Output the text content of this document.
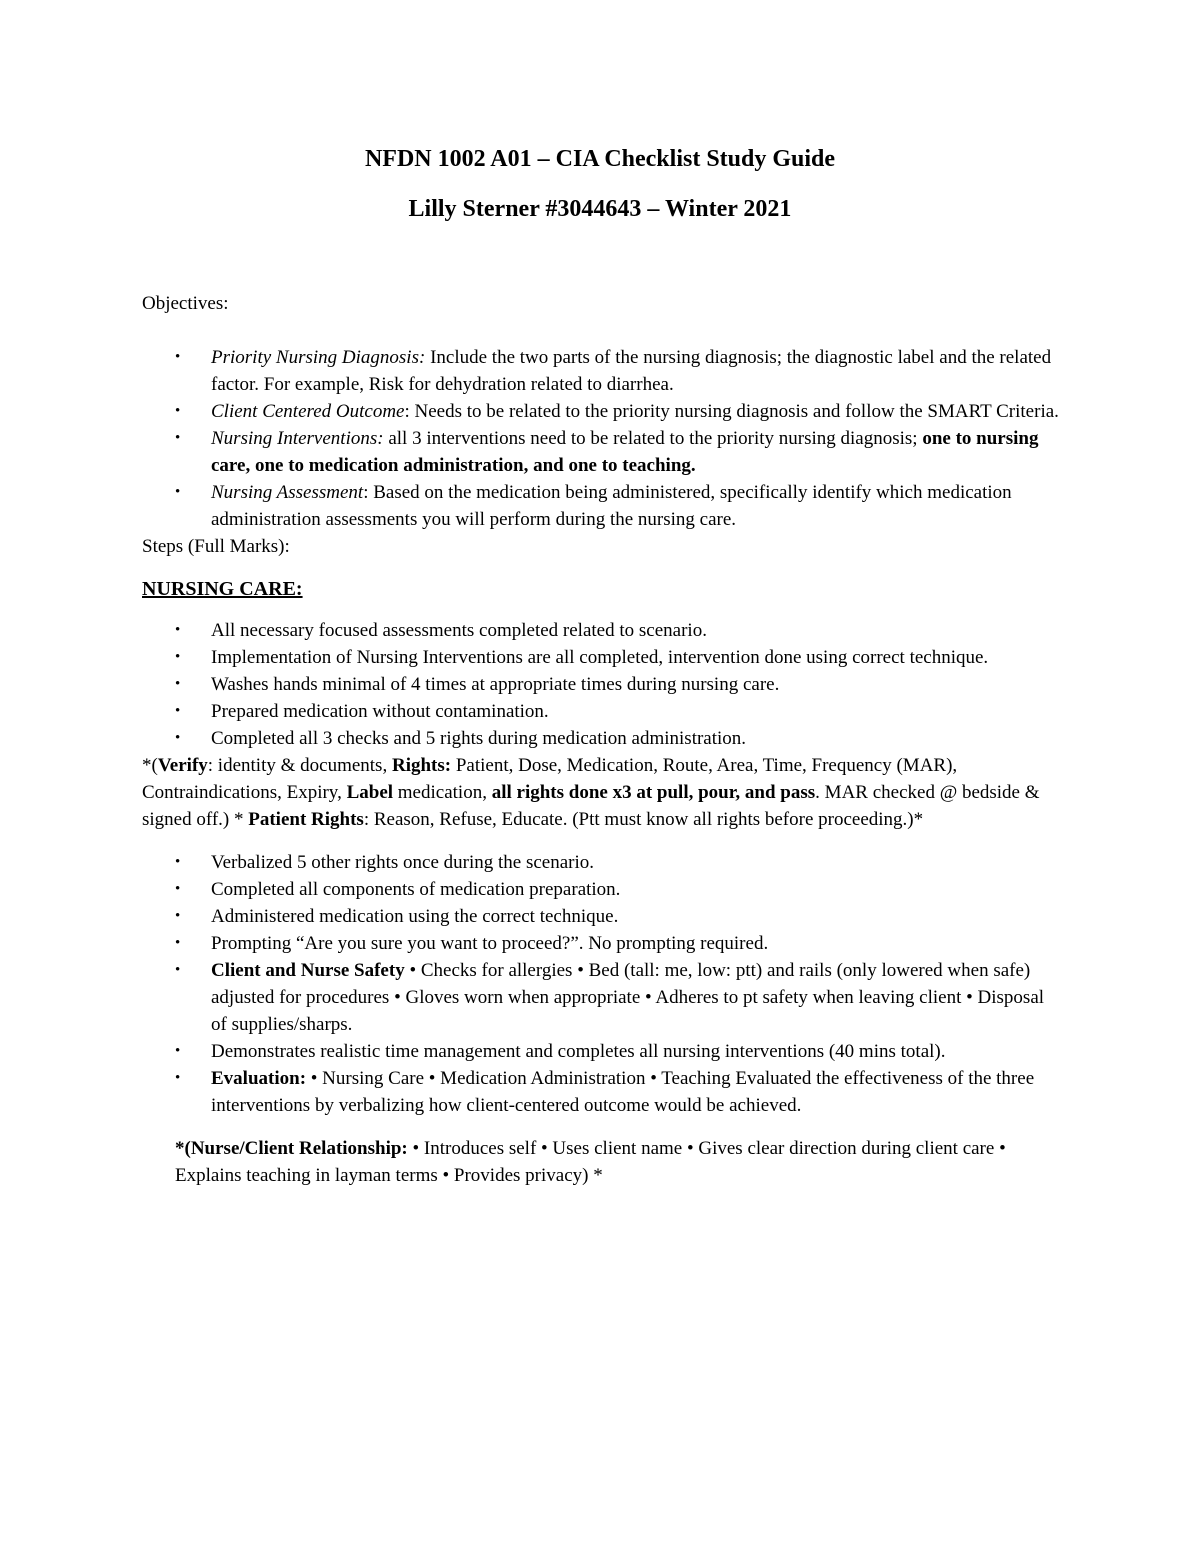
NFDN 1002 A01 – CIA Checklist Study Guide
Lilly Sterner #3044643 – Winter 2021

Objectives:

• Priority Nursing Diagnosis: Include the two parts of the nursing diagnosis; the diagnostic label and the related factor. For example, Risk for dehydration related to diarrhea.
• Client Centered Outcome: Needs to be related to the priority nursing diagnosis and follow the SMART Criteria.
• Nursing Interventions: all 3 interventions need to be related to the priority nursing diagnosis; one to nursing care, one to medication administration, and one to teaching.
• Nursing Assessment: Based on the medication being administered, specifically identify which medication administration assessments you will perform during the nursing care.

Steps (Full Marks):

NURSING CARE:

• All necessary focused assessments completed related to scenario.
• Implementation of Nursing Interventions are all completed, intervention done using correct technique.
• Washes hands minimal of 4 times at appropriate times during nursing care.
• Prepared medication without contamination.
• Completed all 3 checks and 5 rights during medication administration.

*(Verify: identity & documents, Rights: Patient, Dose, Medication, Route, Area, Time, Frequency (MAR), Contraindications, Expiry, Label medication, all rights done x3 at pull, pour, and pass. MAR checked @ bedside & signed off.) * Patient Rights: Reason, Refuse, Educate. (Ptt must know all rights before proceeding.)*

• Verbalized 5 other rights once during the scenario.
• Completed all components of medication preparation.
• Administered medication using the correct technique.
• Prompting “Are you sure you want to proceed?”. No prompting required.
• Client and Nurse Safety • Checks for allergies • Bed (tall: me, low: ptt) and rails (only lowered when safe) adjusted for procedures • Gloves worn when appropriate • Adheres to pt safety when leaving client • Disposal of supplies/sharps.
• Demonstrates realistic time management and completes all nursing interventions (40 mins total).
• Evaluation: • Nursing Care • Medication Administration • Teaching Evaluated the effectiveness of the three interventions by verbalizing how client-centered outcome would be achieved.

*(Nurse/Client Relationship: • Introduces self • Uses client name • Gives clear direction during client care • Explains teaching in layman terms • Provides privacy) *
